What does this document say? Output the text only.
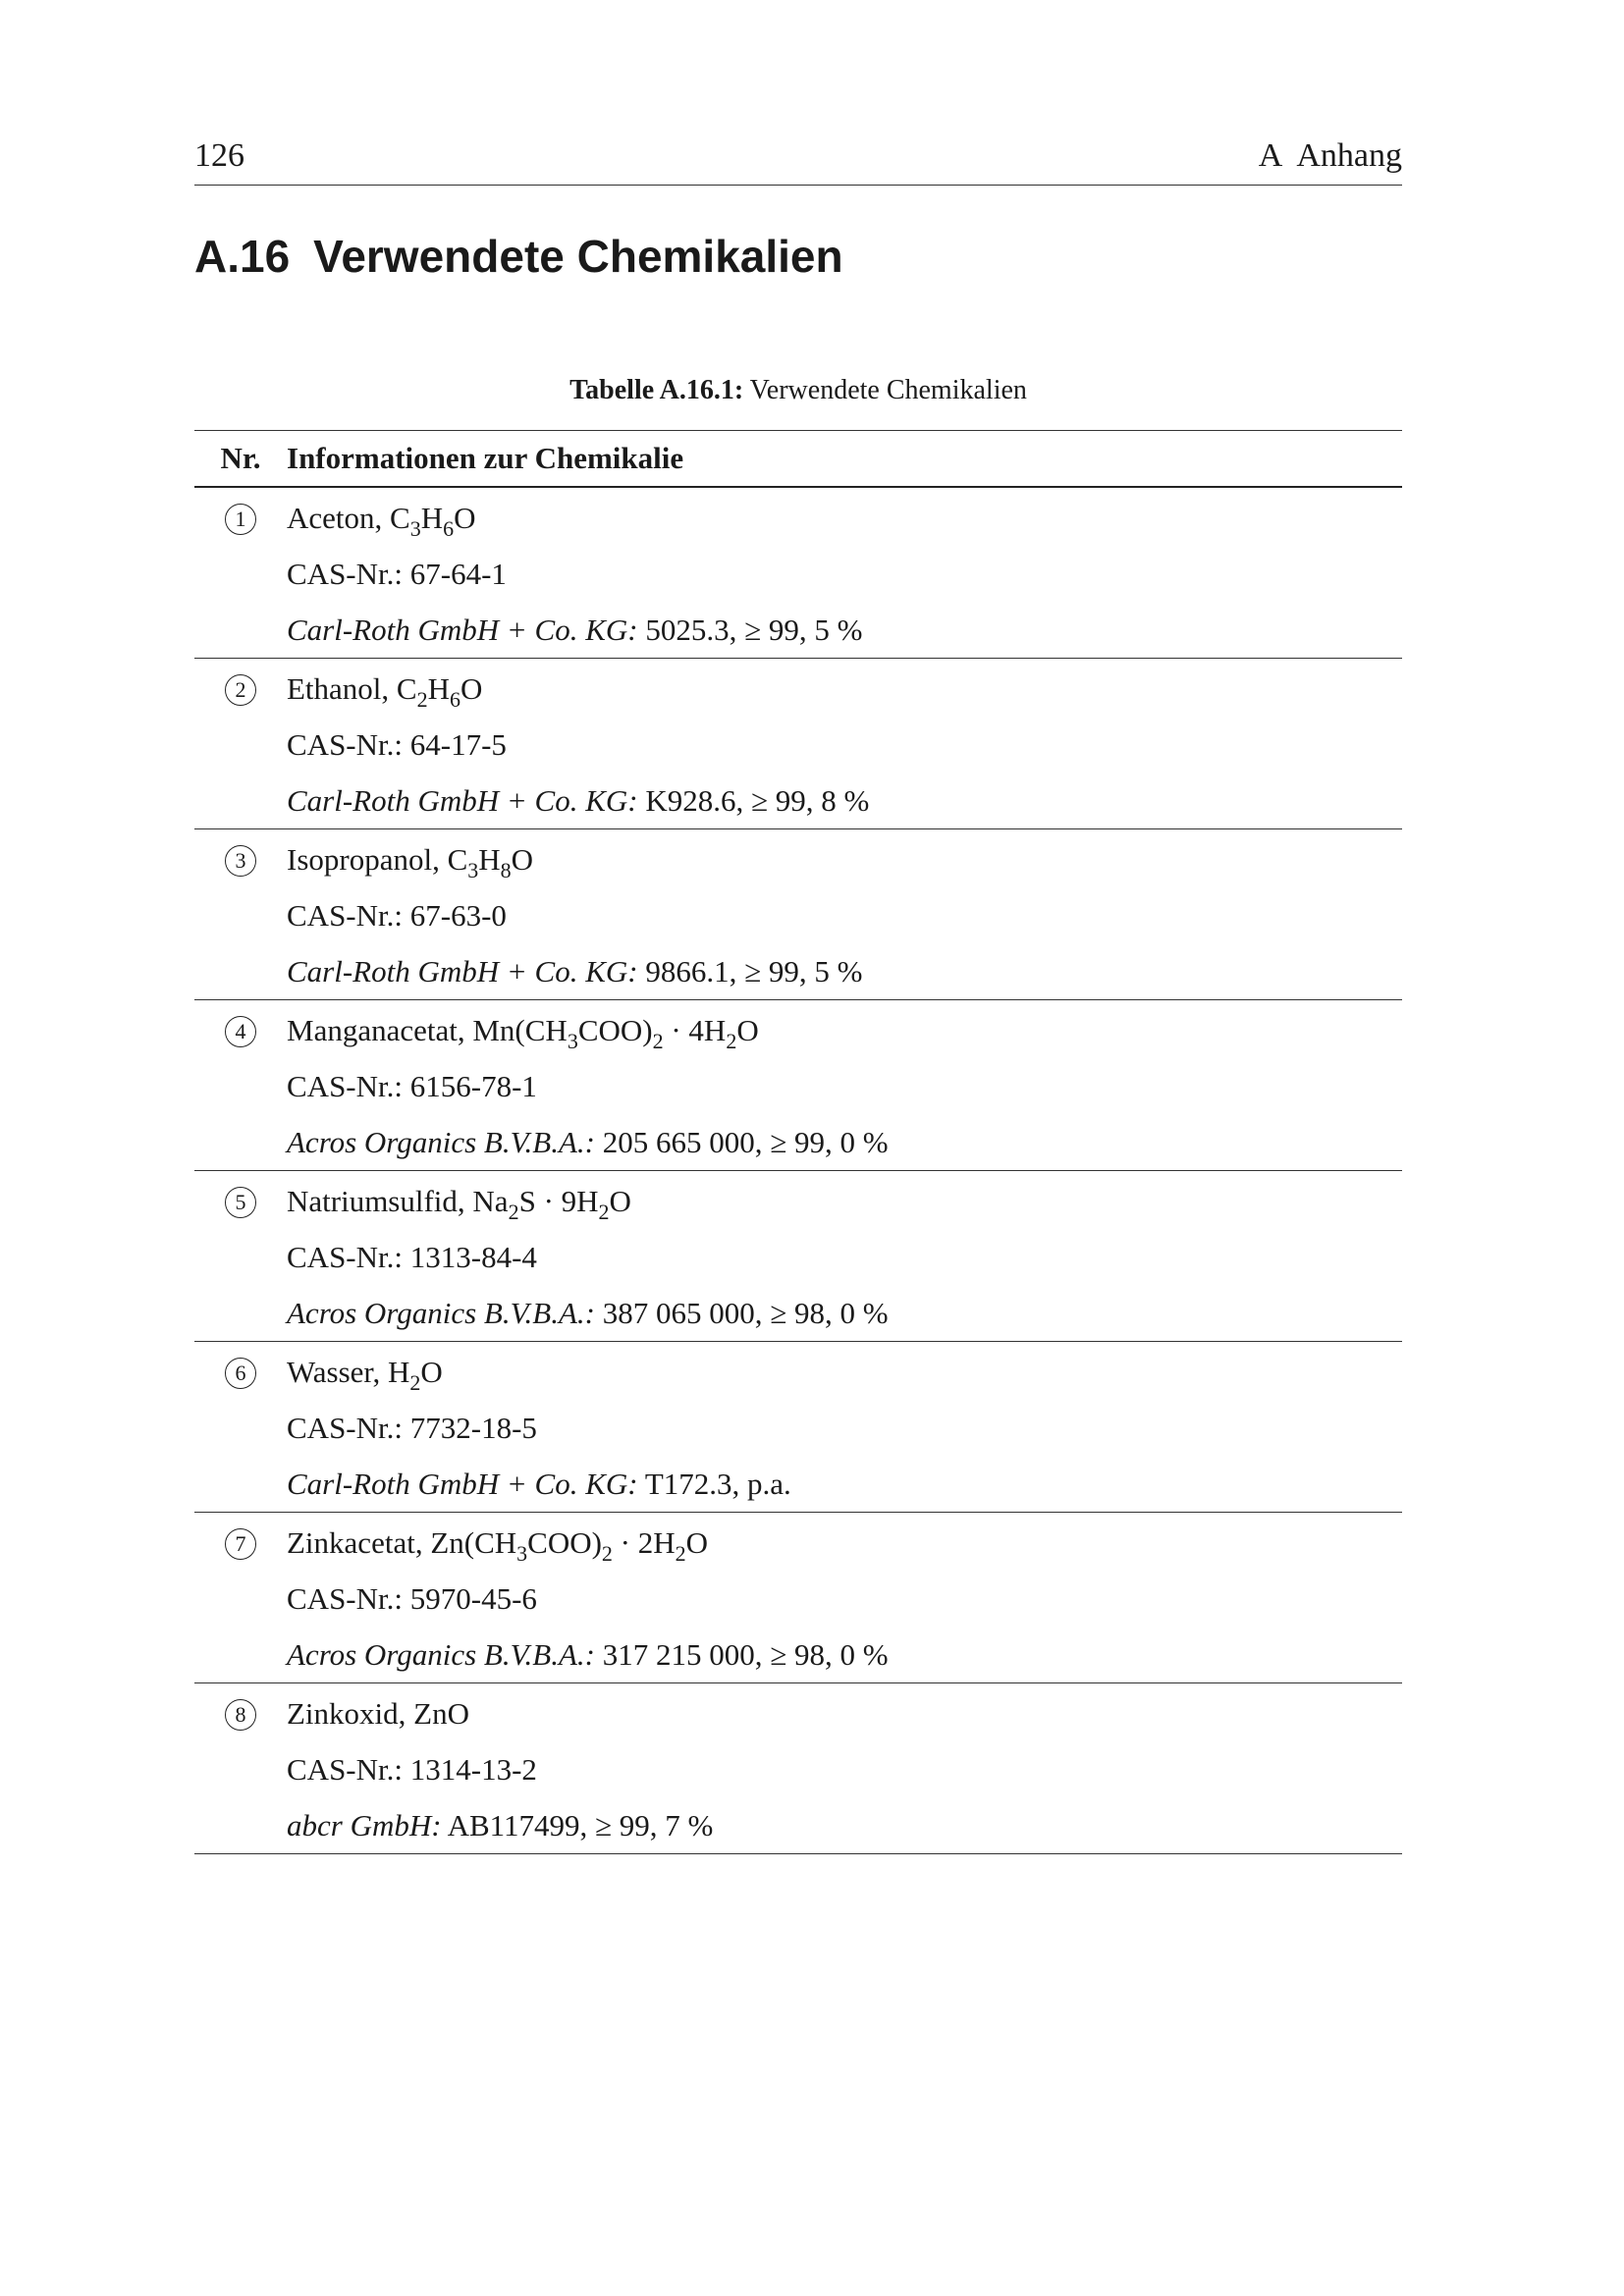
126	A Anhang
A.16 Verwendete Chemikalien
Tabelle A.16.1: Verwendete Chemikalien
Nr.	Informationen zur Chemikalie

1	Aceton, $C_3H_6O$
CAS-Nr.: 67-64-1
Carl-Roth GmbH + Co. KG: 5025.3, ≥ 99, 5 %

2	Ethanol, $C_2H_6O$
CAS-Nr.: 64-17-5
Carl-Roth GmbH + Co. KG: K928.6, ≥ 99, 8 %

3	Isopropanol, $C_3H_8O$
CAS-Nr.: 67-63-0
Carl-Roth GmbH + Co. KG: 9866.1, ≥ 99, 5 %

4	Manganacetat, $Mn(CH_3COO)_2 \cdot 4H_2O$
CAS-Nr.: 6156-78-1
Acros Organics B.V.B.A.: 205 665 000, ≥ 99, 0 %

5	Natriumsulfid, $Na_2S \cdot 9H_2O$
CAS-Nr.: 1313-84-4
Acros Organics B.V.B.A.: 387 065 000, ≥ 98, 0 %

6	Wasser, $H_2O$
CAS-Nr.: 7732-18-5
Carl-Roth GmbH + Co. KG: T172.3, p.a.

7	Zinkacetat, $Zn(CH_3COO)_2 \cdot 2H_2O$
CAS-Nr.: 5970-45-6
Acros Organics B.V.B.A.: 317 215 000, ≥ 98, 0 %

8	Zinkoxid, ZnO
CAS-Nr.: 1314-13-2
abcr GmbH: AB117499, ≥ 99, 7 %
